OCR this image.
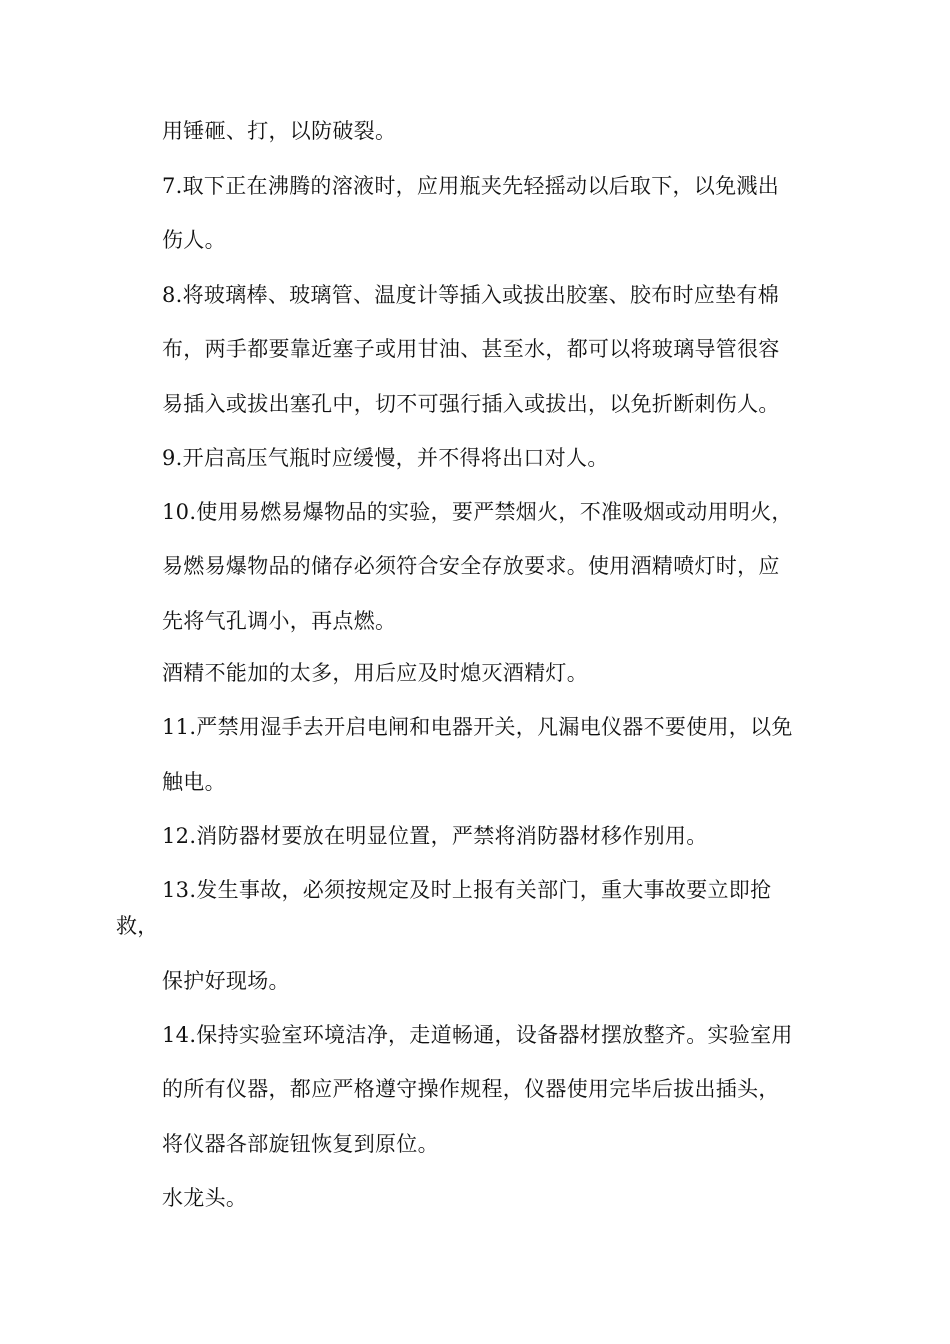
用锤砸、打，以防破裂。
7.取下正在沸腾的溶液时，应用瓶夹先轻摇动以后取下，以免溅出
伤人。
8.将玻璃棒、玻璃管、温度计等插入或拔出胶塞、胶布时应垫有棉
布，两手都要靠近塞子或用甘油、甚至水，都可以将玻璃导管很容
易插入或拔出塞孔中，切不可强行插入或拔出，以免折断刺伤人。
9.开启高压气瓶时应缓慢，并不得将出口对人。
10.使用易燃易爆物品的实验，要严禁烟火，不准吸烟或动用明火，
易燃易爆物品的储存必须符合安全存放要求。使用酒精喷灯时，应
先将气孔调小，再点燃。
酒精不能加的太多，用后应及时熄灭酒精灯。
11.严禁用湿手去开启电闸和电器开关，凡漏电仪器不要使用，以免
触电。
12.消防器材要放在明显位置，严禁将消防器材移作别用。
13.发生事故，必须按规定及时上报有关部门，重大事故要立即抢
救，
保护好现场。
14.保持实验室环境洁净，走道畅通，设备器材摆放整齐。实验室用
的所有仪器，都应严格遵守操作规程，仪器使用完毕后拔出插头，
将仪器各部旋钮恢复到原位。
水龙头。
